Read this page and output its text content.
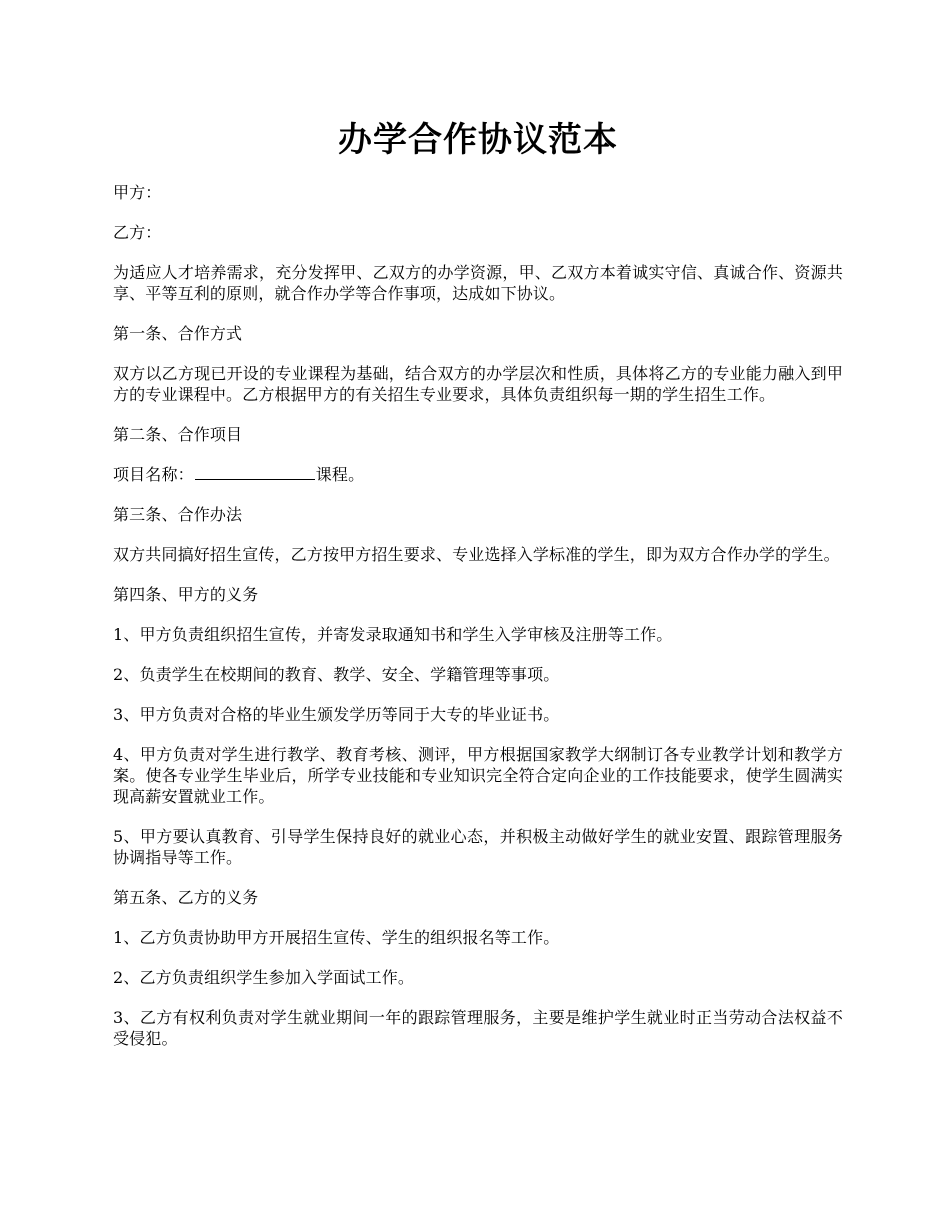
办学合作协议范本

甲方：

乙方：

为适应人才培养需求，充分发挥甲、乙双方的办学资源，甲、乙双方本着诚实守信、真诚合作、资源共享、平等互利的原则，就合作办学等合作事项，达成如下协议。

第一条、合作方式

双方以乙方现已开设的专业课程为基础，结合双方的办学层次和性质，具体将乙方的专业能力融入到甲方的专业课程中。乙方根据甲方的有关招生专业要求，具体负责组织每一期的学生招生工作。

第二条、合作项目

项目名称：	课程。

第三条、合作办法

双方共同搞好招生宣传，乙方按甲方招生要求、专业选择入学标准的学生，即为双方合作办学的学生。

第四条、甲方的义务

1、甲方负责组织招生宣传，并寄发录取通知书和学生入学审核及注册等工作。

2、负责学生在校期间的教育、教学、安全、学籍管理等事项。

3、甲方负责对合格的毕业生颁发学历等同于大专的毕业证书。

4、甲方负责对学生进行教学、教育考核、测评，甲方根据国家教学大纲制订各专业教学计划和教学方案。使各专业学生毕业后，所学专业技能和专业知识完全符合定向企业的工作技能要求，使学生圆满实现高薪安置就业工作。

5、甲方要认真教育、引导学生保持良好的就业心态，并积极主动做好学生的就业安置、跟踪管理服务协调指导等工作。

第五条、乙方的义务

1、乙方负责协助甲方开展招生宣传、学生的组织报名等工作。

2、乙方负责组织学生参加入学面试工作。

3、乙方有权利负责对学生就业期间一年的跟踪管理服务，主要是维护学生就业时正当劳动合法权益不受侵犯。
